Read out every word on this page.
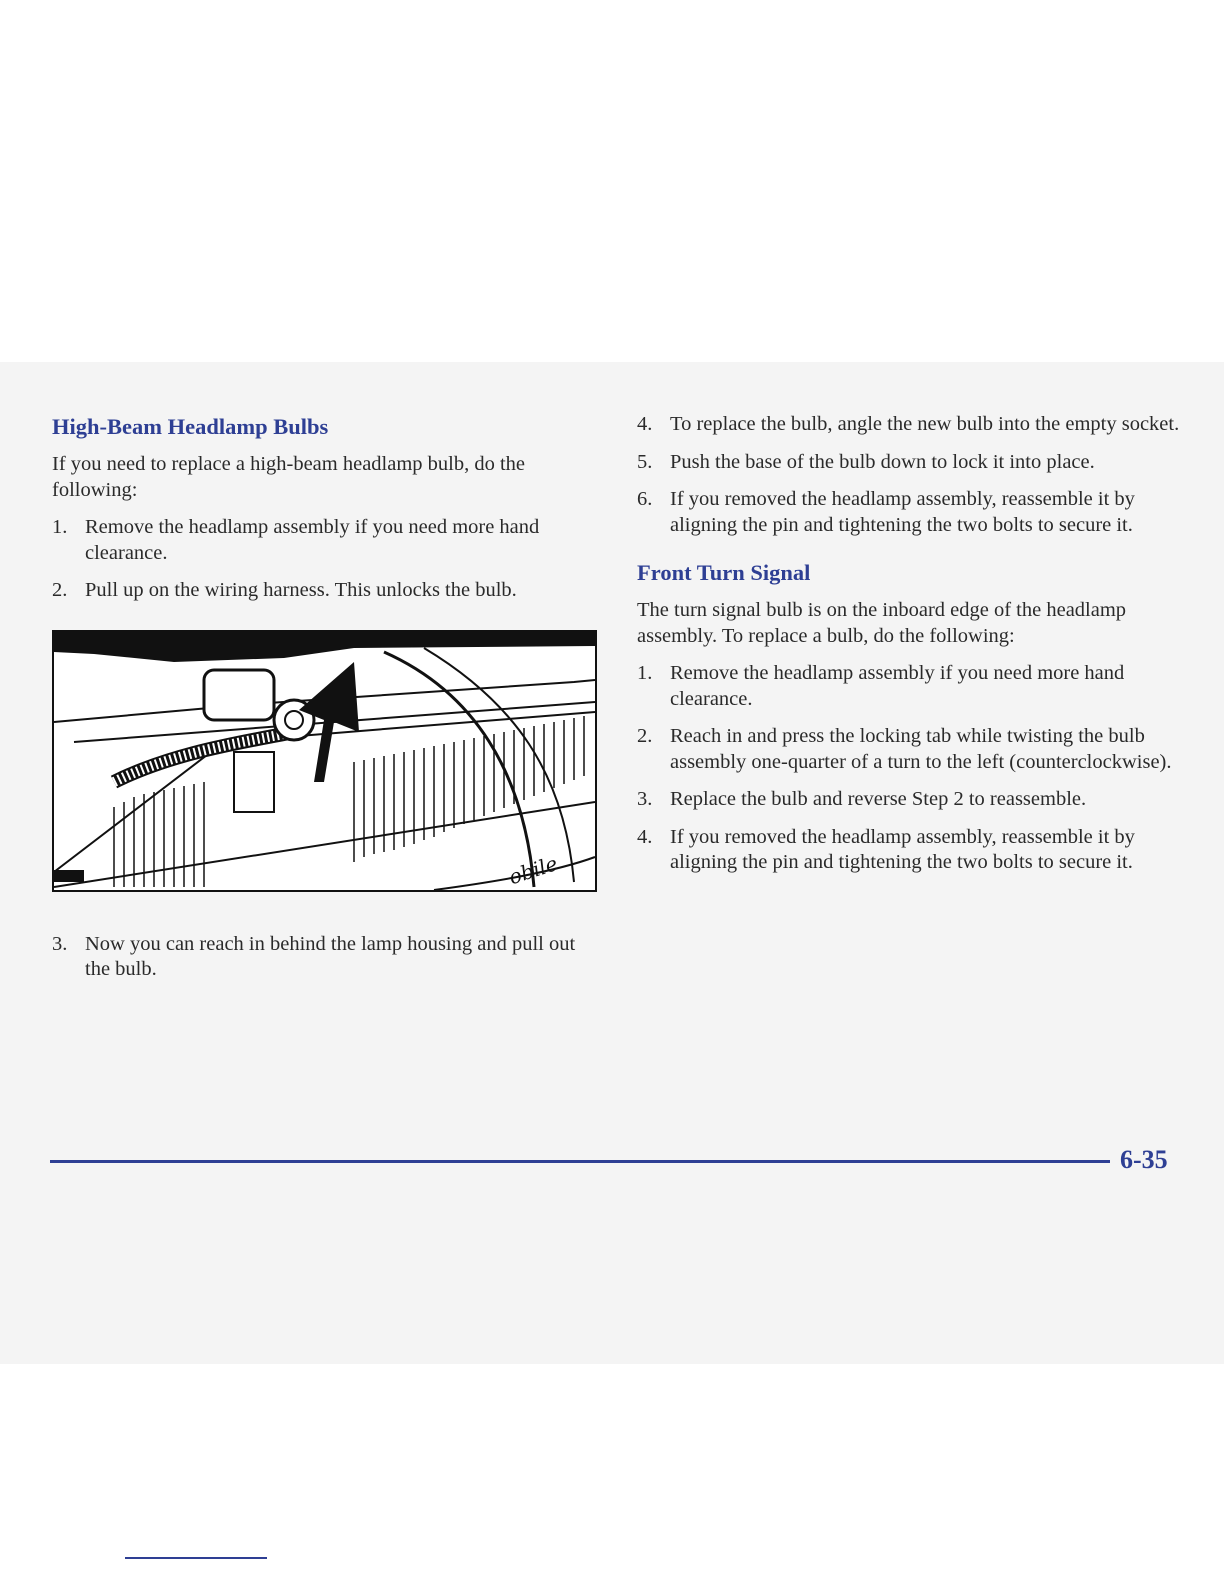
High-Beam Headlamp Bulbs

If you need to replace a high-beam headlamp bulb, do the following:

1. Remove the headlamp assembly if you need more hand clearance.
2. Pull up on the wiring harness. This unlocks the bulb.
obile
3. Now you can reach in behind the lamp housing and pull out the bulb.
4. To replace the bulb, angle the new bulb into the empty socket.
5. Push the base of the bulb down to lock it into place.
6. If you removed the headlamp assembly, reassemble it by aligning the pin and tightening the two bolts to secure it.
Front Turn Signal

The turn signal bulb is on the inboard edge of the headlamp assembly. To replace a bulb, do the following:

1. Remove the headlamp assembly if you need more hand clearance.
2. Reach in and press the locking tab while twisting the bulb assembly one-quarter of a turn to the left (counterclockwise).
3. Replace the bulb and reverse Step 2 to reassemble.
4. If you removed the headlamp assembly, reassemble it by aligning the pin and tightening the two bolts to secure it.
6-35
